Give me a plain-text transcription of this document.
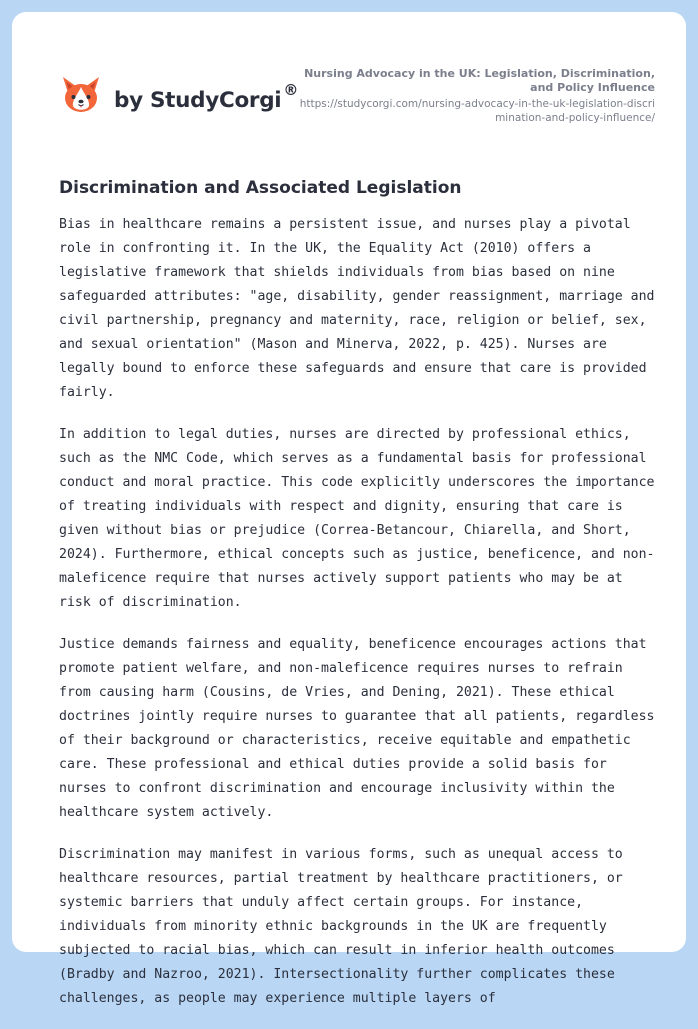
by StudyCorgi ®
Nursing Advocacy in the UK: Legislation, Discrimination, and Policy Influence
https://studycorgi.com/nursing-advocacy-in-the-uk-legislation-discrimination-and-policy-influence/
Discrimination and Associated Legislation

Bias in healthcare remains a persistent issue, and nurses play a pivotal role in confronting it. In the UK, the Equality Act (2010) offers a legislative framework that shields individuals from bias based on nine safeguarded attributes: "age, disability, gender reassignment, marriage and civil partnership, pregnancy and maternity, race, religion or belief, sex, and sexual orientation" (Mason and Minerva, 2022, p. 425). Nurses are legally bound to enforce these safeguards and ensure that care is provided fairly.

In addition to legal duties, nurses are directed by professional ethics, such as the NMC Code, which serves as a fundamental basis for professional conduct and moral practice. This code explicitly underscores the importance of treating individuals with respect and dignity, ensuring that care is given without bias or prejudice (Correa-Betancour, Chiarella, and Short, 2024). Furthermore, ethical concepts such as justice, beneficence, and non-maleficence require that nurses actively support patients who may be at risk of discrimination.

Justice demands fairness and equality, beneficence encourages actions that promote patient welfare, and non-maleficence requires nurses to refrain from causing harm (Cousins, de Vries, and Dening, 2021). These ethical doctrines jointly require nurses to guarantee that all patients, regardless of their background or characteristics, receive equitable and empathetic care. These professional and ethical duties provide a solid basis for nurses to confront discrimination and encourage inclusivity within the healthcare system actively.

Discrimination may manifest in various forms, such as unequal access to healthcare resources, partial treatment by healthcare practitioners, or systemic barriers that unduly affect certain groups. For instance, individuals from minority ethnic backgrounds in the UK are frequently subjected to racial bias, which can result in inferior health outcomes (Bradby and Nazroo, 2021). Intersectionality further complicates these challenges, as people may experience multiple layers of
